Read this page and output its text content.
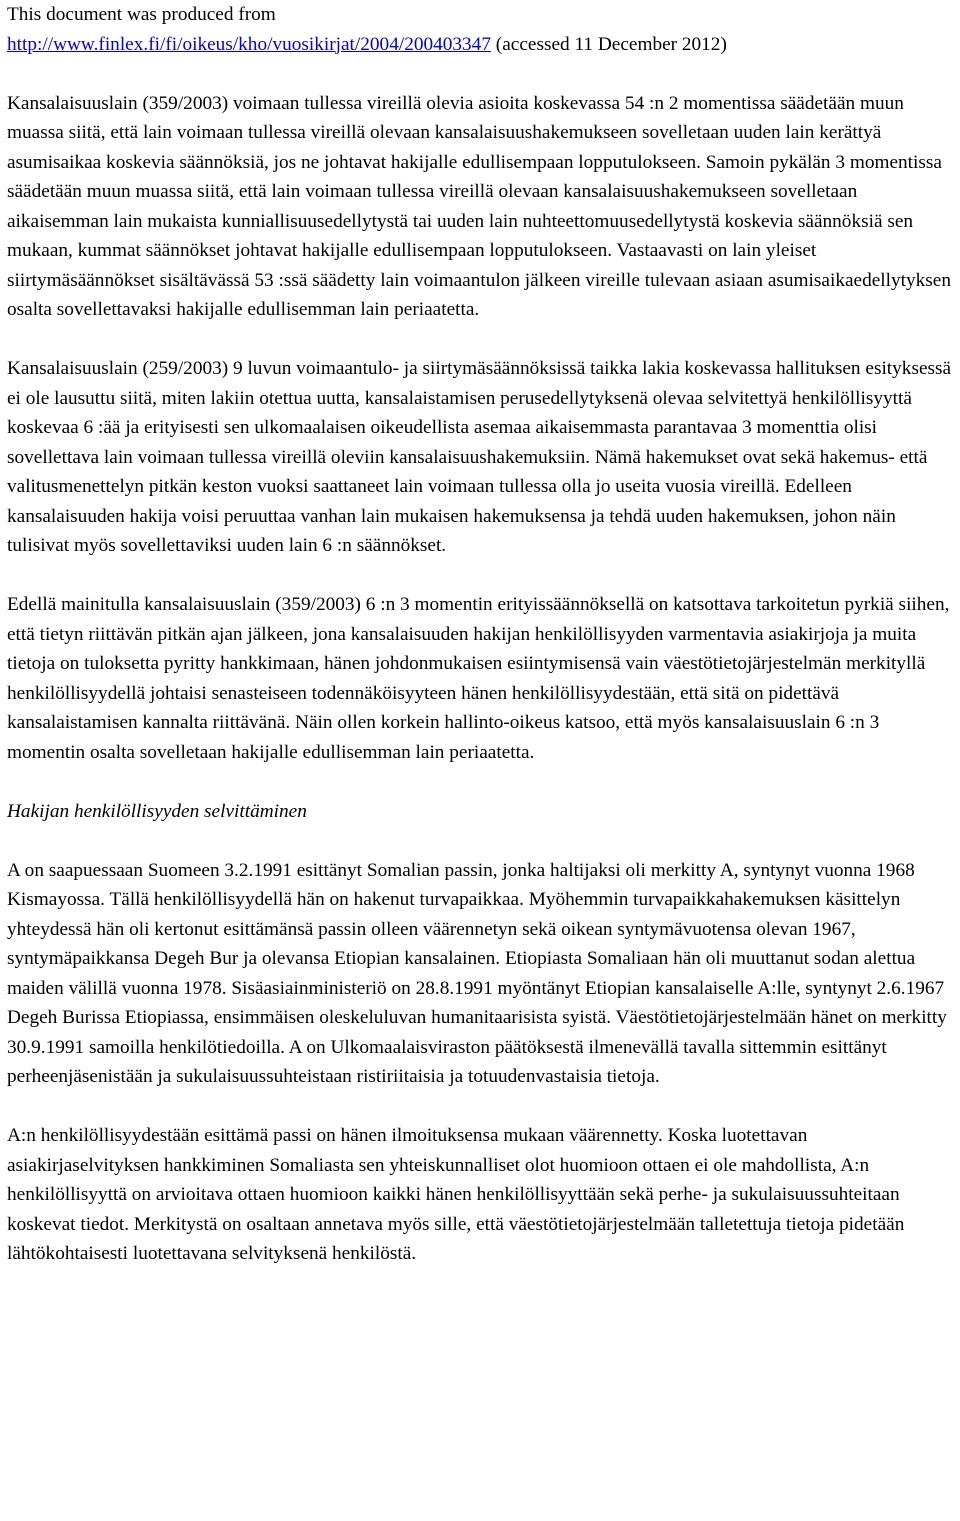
This document was produced from

http://www.finlex.fi/fi/oikeus/kho/vuosikirjat/2004/200403347 (accessed 11 December 2012)

Kansalaisuuslain (359/2003) voimaan tullessa vireillä olevia asioita koskevassa 54 :n 2 momentissa säädetään muun muassa siitä, että lain voimaan tullessa vireillä olevaan kansalaisuushakemukseen sovelletaan uuden lain kerättyä asumisaikaa koskevia säännöksiä, jos ne johtavat hakijalle edullisempaan lopputulokseen. Samoin pykälän 3 momentissa säädetään muun muassa siitä, että lain voimaan tullessa vireillä olevaan kansalaisuushakemukseen sovelletaan aikaisemman lain mukaista kunniallisuusedellytystä tai uuden lain nuhteettomuusedellytystä koskevia säännöksiä sen mukaan, kummat säännökset johtavat hakijalle edullisempaan lopputulokseen. Vastaavasti on lain yleiset siirtymäsäännökset sisältävässä 53 :ssä säädetty lain voimaantulon jälkeen vireille tulevaan asiaan asumisaikaedellytyksen osalta sovellettavaksi hakijalle edullisemman lain periaatetta.

Kansalaisuuslain (259/2003) 9 luvun voimaantulo- ja siirtymäsäännöksissä taikka lakia koskevassa hallituksen esityksessä ei ole lausuttu siitä, miten lakiin otettua uutta, kansalaistamisen perusedellytyksenä olevaa selvitettyä henkilöllisyyttä koskevaa 6 :ää ja erityisesti sen ulkomaalaisen oikeudellista asemaa aikaisemmasta parantavaa 3 momenttia olisi sovellettava lain voimaan tullessa vireillä oleviin kansalaisuushakemuksiin. Nämä hakemukset ovat sekä hakemus- että valitusmenettelyn pitkän keston vuoksi saattaneet lain voimaan tullessa olla jo useita vuosia vireillä. Edelleen kansalaisuuden hakija voisi peruuttaa vanhan lain mukaisen hakemuksensa ja tehdä uuden hakemuksen, johon näin tulisivat myös sovellettaviksi uuden lain 6 :n säännökset.

Edellä mainitulla kansalaisuuslain (359/2003) 6 :n 3 momentin erityissäännöksellä on katsottava tarkoitetun pyrkiä siihen, että tietyn riittävän pitkän ajan jälkeen, jona kansalaisuuden hakijan henkilöllisyyden varmentavia asiakirjoja ja muita tietoja on tuloksetta pyritty hankkimaan, hänen johdonmukaisen esiintymisensä vain väestötietojärjestelmän merkityllä henkilöllisyydellä johtaisi senasteiseen todennäköisyyteen hänen henkilöllisyydestään, että sitä on pidettävä kansalaistamisen kannalta riittävänä. Näin ollen korkein hallinto-oikeus katsoo, että myös kansalaisuuslain 6 :n 3 momentin osalta sovelletaan hakijalle edullisemman lain periaatetta.

Hakijan henkilöllisyyden selvittäminen

A on saapuessaan Suomeen 3.2.1991 esittänyt Somalian passin, jonka haltijaksi oli merkitty A, syntynyt vuonna 1968 Kismayossa. Tällä henkilöllisyydellä hän on hakenut turvapaikkaa. Myöhemmin turvapaikkahakemuksen käsittelyn yhteydessä hän oli kertonut esittämänsä passin olleen väärennetyn sekä oikean syntymävuotensa olevan 1967, syntymäpaikkansa Degeh Bur ja olevansa Etiopian kansalainen. Etiopiasta Somaliaan hän oli muuttanut sodan alettua maiden välillä vuonna 1978. Sisäasiainministeriö on 28.8.1991 myöntänyt Etiopian kansalaiselle A:lle, syntynyt 2.6.1967 Degeh Burissa Etiopiassa, ensimmäisen oleskeluluvan humanitaarisista syistä. Väestötietojärjestelmään hänet on merkitty 30.9.1991 samoilla henkilötiedoilla. A on Ulkomaalaisviraston päätöksestä ilmenevällä tavalla sittemmin esittänyt perheenjäsenistään ja sukulaisuussuhteistaan ristiriitaisia ja totuudenvastaisia tietoja.

A:n henkilöllisyydestään esittämä passi on hänen ilmoituksensa mukaan väärennetty. Koska luotettavan asiakirjaselvityksen hankkiminen Somaliasta sen yhteiskunnalliset olot huomioon ottaen ei ole mahdollista, A:n henkilöllisyyttä on arvioitava ottaen huomioon kaikki hänen henkilöllisyyttään sekä perhe- ja sukulaisuussuhteitaan koskevat tiedot. Merkitystä on osaltaan annetava myös sille, että väestötietojärjestelmään talletettuja tietoja pidetään lähtökohtaisesti luotettavana selvityksenä henkilöstä.
